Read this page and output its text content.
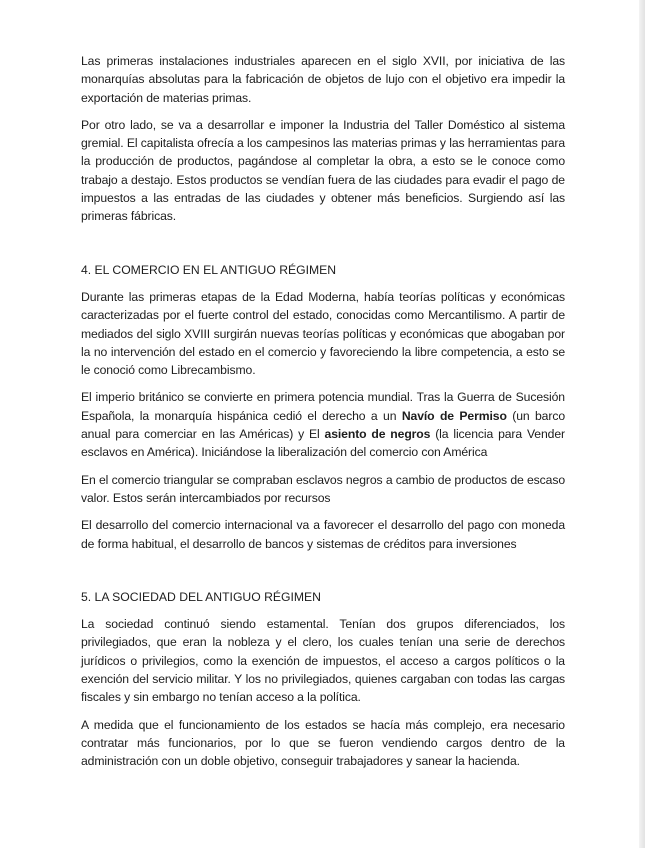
Las primeras instalaciones industriales aparecen en el siglo XVII, por iniciativa de las monarquías absolutas para la fabricación de objetos de lujo con el objetivo era impedir la exportación de materias primas.

Por otro lado, se va a desarrollar e imponer la Industria del Taller Doméstico al sistema gremial. El capitalista ofrecía a los campesinos las materias primas y las herramientas para la producción de productos, pagándose al completar la obra, a esto se le conoce como trabajo a destajo. Estos productos se vendían fuera de las ciudades para evadir el pago de impuestos a las entradas de las ciudades y obtener más beneficios. Surgiendo así las primeras fábricas.

4. EL COMERCIO EN EL ANTIGUO RÉGIMEN

Durante las primeras etapas de la Edad Moderna, había teorías políticas y económicas caracterizadas por el fuerte control del estado, conocidas como Mercantilismo. A partir de mediados del siglo XVIII surgirán nuevas teorías políticas y económicas que abogaban por la no intervención del estado en el comercio y favoreciendo la libre competencia, a esto se le conoció como Librecambismo.

El imperio británico se convierte en primera potencia mundial. Tras la Guerra de Sucesión Española, la monarquía hispánica cedió el derecho a un Navío de Permiso (un barco anual para comerciar en las Américas) y El asiento de negros (la licencia para Vender esclavos en América). Iniciándose la liberalización del comercio con América

En el comercio triangular se compraban esclavos negros a cambio de productos de escaso valor. Estos serán intercambiados por recursos

El desarrollo del comercio internacional va a favorecer el desarrollo del pago con moneda de forma habitual, el desarrollo de bancos y sistemas de créditos para inversiones

5. LA SOCIEDAD DEL ANTIGUO RÉGIMEN

La sociedad continuó siendo estamental. Tenían dos grupos diferenciados, los privilegiados, que eran la nobleza y el clero, los cuales tenían una serie de derechos jurídicos o privilegios, como la exención de impuestos, el acceso a cargos políticos o la exención del servicio militar. Y los no privilegiados, quienes cargaban con todas las cargas fiscales y sin embargo no tenían acceso a la política.

A medida que el funcionamiento de los estados se hacía más complejo, era necesario contratar más funcionarios, por lo que se fueron vendiendo cargos dentro de la administración con un doble objetivo, conseguir trabajadores y sanear la hacienda.
